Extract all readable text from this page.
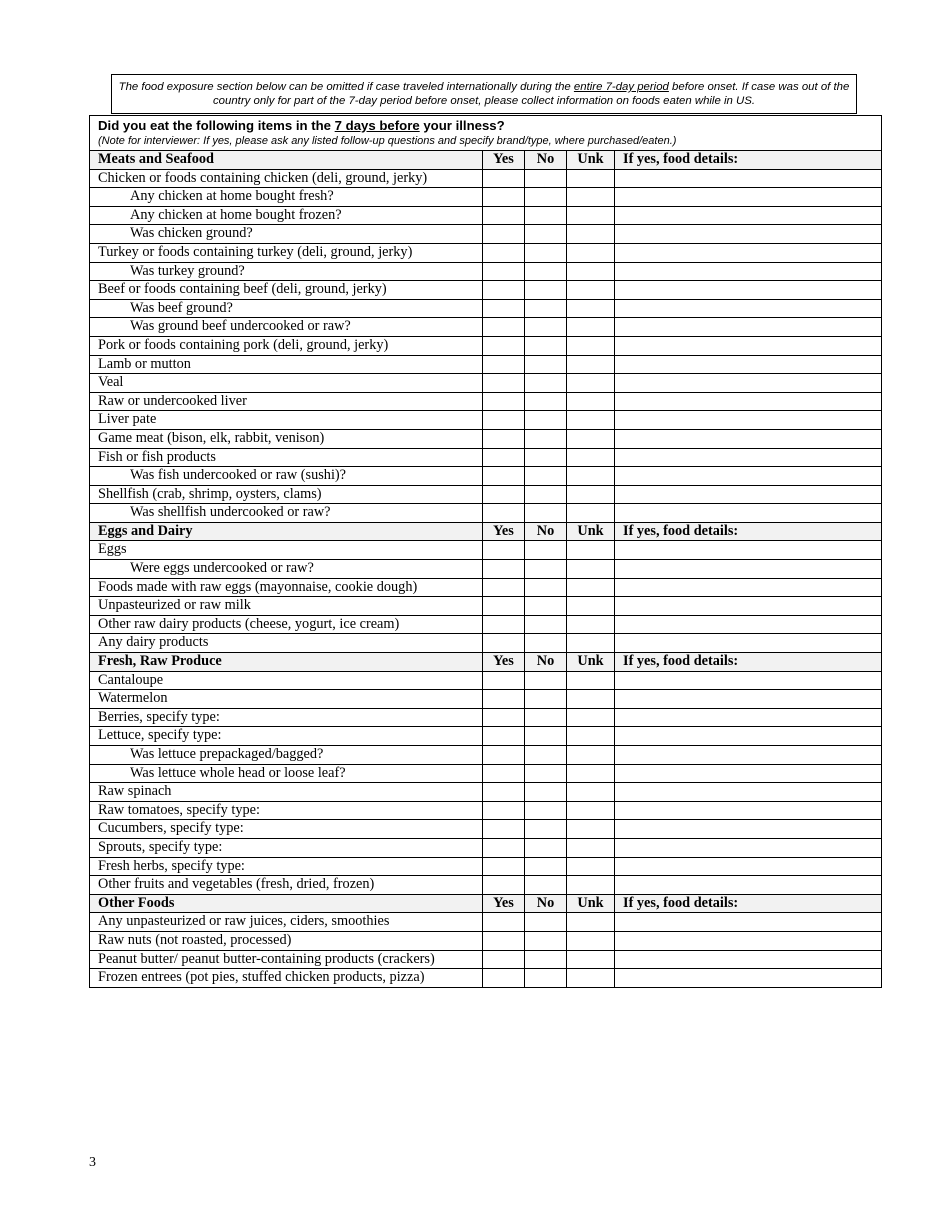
The food exposure section below can be omitted if case traveled internationally during the entire 7-day period before onset. If case was out of the country only for part of the 7-day period before onset, please collect information on foods eaten while in US.
Did you eat the following items in the 7 days before your illness?
(Note for interviewer: If yes, please ask any listed follow-up questions and specify brand/type, where purchased/eaten.)				

Meats and Seafood	Yes	No	Unk	If yes, food details:
Chicken or foods containing chicken (deli, ground, jerky)				
Any chicken at home bought fresh?				
Any chicken at home bought frozen?				
Was chicken ground?				
Turkey or foods containing turkey (deli, ground, jerky)				
Was turkey ground?				
Beef or foods containing beef (deli, ground, jerky)				
Was beef ground?				
Was ground beef undercooked or raw?				
Pork or foods containing pork (deli, ground, jerky)				
Lamb or mutton				
Veal				
Raw or undercooked liver				
Liver pate				
Game meat (bison, elk, rabbit, venison)				
Fish or fish products				
Was fish undercooked or raw (sushi)?				
Shellfish (crab, shrimp, oysters, clams)				
Was shellfish undercooked or raw?				
Eggs and Dairy	Yes	No	Unk	If yes, food details:
Eggs				
Were eggs undercooked or raw?				
Foods made with raw eggs (mayonnaise, cookie dough)				
Unpasteurized or raw milk				
Other raw dairy products (cheese, yogurt, ice cream)				
Any dairy products				
Fresh, Raw Produce	Yes	No	Unk	If yes, food details:
Cantaloupe				
Watermelon				
Berries, specify type:				
Lettuce, specify type:				
Was lettuce prepackaged/bagged?				
Was lettuce whole head or loose leaf?				
Raw spinach				
Raw tomatoes, specify type:				
Cucumbers, specify type:				
Sprouts, specify type:				
Fresh herbs, specify type:				
Other fruits and vegetables (fresh, dried, frozen)				
Other Foods	Yes	No	Unk	If yes, food details:
Any unpasteurized or raw juices, ciders, smoothies				
Raw nuts (not roasted, processed)				
Peanut butter/ peanut butter-containing products (crackers)				
Frozen entrees (pot pies, stuffed chicken products, pizza)				
3
